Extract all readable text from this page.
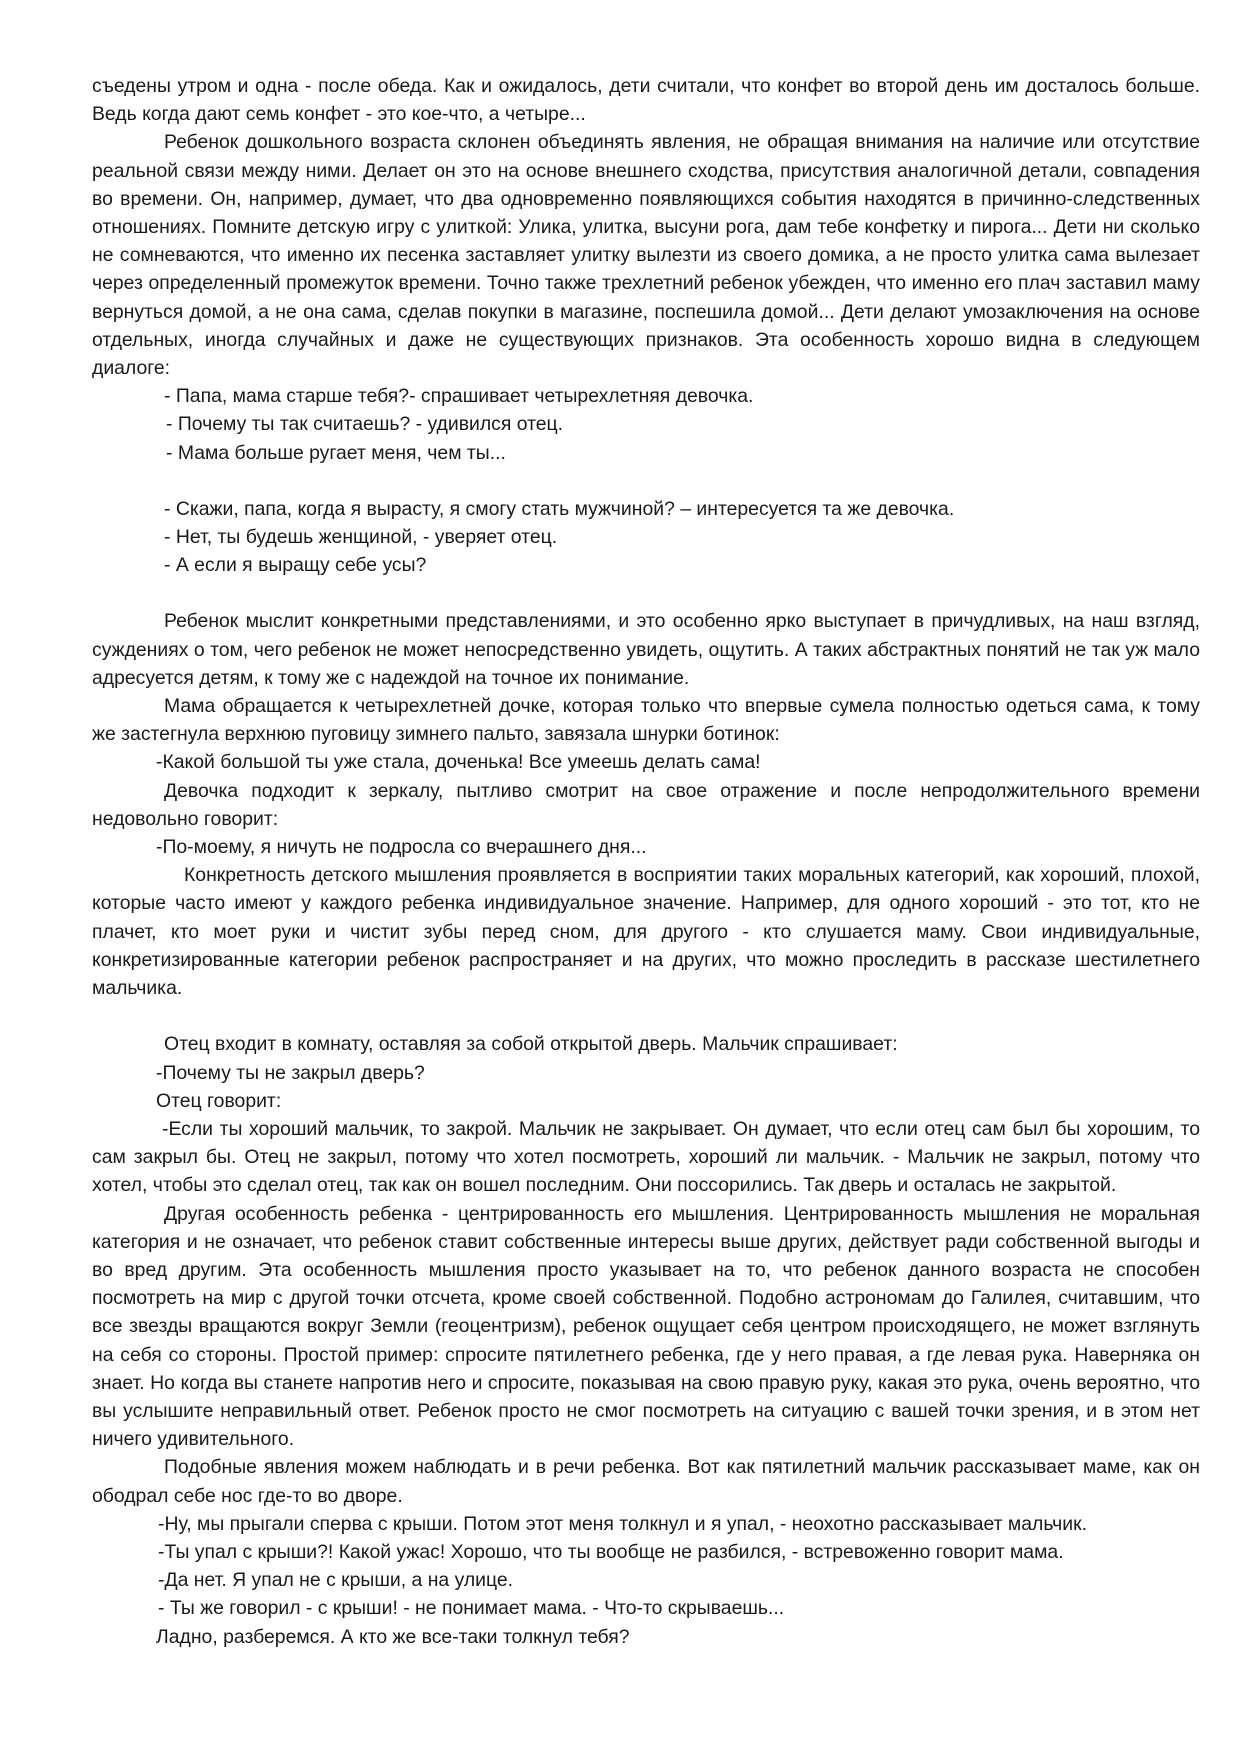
съедены утром и одна - после обеда. Как и ожидалось, дети считали, что конфет во второй день им досталось больше. Ведь когда дают семь конфет - это кое-что, а четыре...

Ребенок дошкольного возраста склонен объединять явления, не обращая внимания на наличие или отсутствие реальной связи между ними. Делает он это на основе внешнего сходства, присутствия аналогичной детали, совпадения во времени. Он, например, думает, что два одновременно появляющихся события находятся в причинно-следственных отношениях. Помните детскую игру с улиткой: Улика, улитка, высуни рога, дам тебе конфетку и пирога... Дети ни сколько не сомневаются, что именно их песенка заставляет улитку вылезти из своего домика, а не просто улитка сама вылезает через определенный промежуток времени. Точно также трехлетний ребенок убежден, что именно его плач заставил маму вернуться домой, а не она сама, сделав покупки в магазине, поспешила домой... Дети делают умозаключения на основе отдельных, иногда случайных и даже не существующих признаков. Эта особенность хорошо видна в следующем диалоге:

- Папа, мама старше тебя?- спрашивает четырехлетняя девочка.

- Почему ты так считаешь? - удивился отец.

- Мама больше ругает меня, чем ты...

- Скажи, папа, когда я вырасту, я смогу стать мужчиной? – интересуется та же девочка.

- Нет, ты будешь женщиной, - уверяет отец.

- А если я выращу себе усы?

Ребенок мыслит конкретными представлениями, и это особенно ярко выступает в причудливых, на наш взгляд, суждениях о том, чего ребенок не может непосредственно увидеть, ощутить. А таких абстрактных понятий не так уж мало адресуется детям, к тому же с надеждой на точное их понимание.

Мама обращается к четырехлетней дочке, которая только что впервые сумела полностью одеться сама, к тому же застегнула верхнюю пуговицу зимнего пальто, завязала шнурки ботинок:

-Какой большой ты уже стала, доченька! Все умеешь делать сама!

Девочка подходит к зеркалу, пытливо смотрит на свое отражение и после непродолжительного времени недовольно говорит:

-По-моему, я ничуть не подросла со вчерашнего дня...

Конкретность детского мышления проявляется в восприятии таких моральных категорий, как хороший, плохой, которые часто имеют у каждого ребенка индивидуальное значение. Например, для одного хороший - это тот, кто не плачет, кто моет руки и чистит зубы перед сном, для другого - кто слушается маму. Свои индивидуальные, конкретизированные категории ребенок распространяет и на других, что можно проследить в рассказе шестилетнего мальчика.

Отец входит в комнату, оставляя за собой открытой дверь. Мальчик спрашивает:

-Почему ты не закрыл дверь?

Отец говорит:

-Если ты хороший мальчик, то закрой. Мальчик не закрывает. Он думает, что если отец сам был бы хорошим, то сам закрыл бы. Отец не закрыл, потому что хотел посмотреть, хороший ли мальчик. - Мальчик не закрыл, потому что хотел, чтобы это сделал отец, так как он вошел последним. Они поссорились. Так дверь и осталась не закрытой.

Другая особенность ребенка - центрированность его мышления. Центрированность мышления не моральная категория и не означает, что ребенок ставит собственные интересы выше других, действует ради собственной выгоды и во вред другим. Эта особенность мышления просто указывает на то, что ребенок данного возраста не способен посмотреть на мир с другой точки отсчета, кроме своей собственной. Подобно астрономам до Галилея, считавшим, что все звезды вращаются вокруг Земли (геоцентризм), ребенок ощущает себя центром происходящего, не может взглянуть на себя со стороны. Простой пример: спросите пятилетнего ребенка, где у него правая, а где левая рука. Наверняка он знает. Но когда вы станете напротив него и спросите, показывая на свою правую руку, какая это рука, очень вероятно, что вы услышите неправильный ответ. Ребенок просто не смог посмотреть на ситуацию с вашей точки зрения, и в этом нет ничего удивительного.

Подобные явления можем наблюдать и в речи ребенка. Вот как пятилетний мальчик рассказывает маме, как он ободрал себе нос где-то во дворе.

-Ну, мы прыгали сперва с крыши. Потом этот меня толкнул и я упал, - неохотно рассказывает мальчик.

-Ты упал с крыши?! Какой ужас! Хорошо, что ты вообще не разбился, - встревоженно говорит мама.

-Да нет. Я упал не с крыши, а на улице.

- Ты же говорил - с крыши! - не понимает мама. - Что-то скрываешь...

Ладно, разберемся. А кто же все-таки толкнул тебя?
